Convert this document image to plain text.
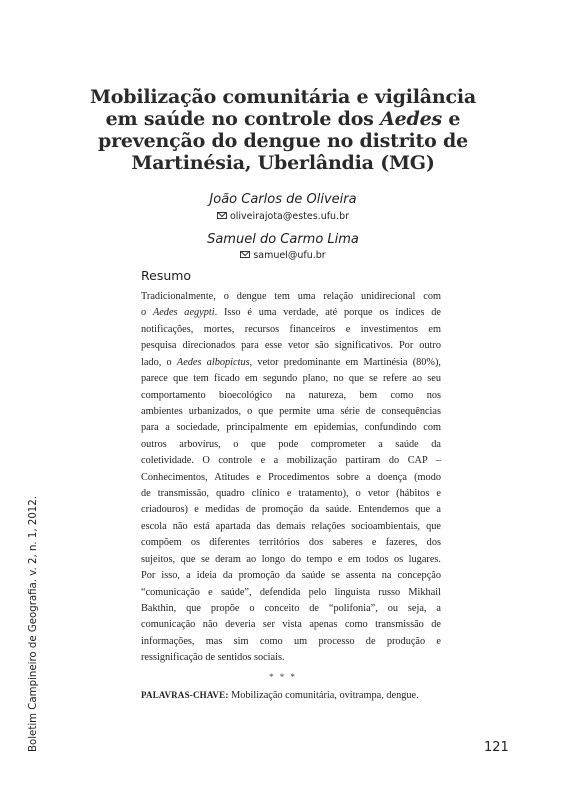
Mobilização comunitária e vigilância
em saúde no controle dos Aedes e
prevenção do dengue no distrito de
Martinésia, Uberlândia (MG)
João Carlos de Oliveira
oliveirajota@estes.ufu.br
Samuel do Carmo Lima
samuel@ufu.br
Resumo
Tradicionalmente, o dengue tem uma relação unidirecional com
o Aedes aegypti. Isso é uma verdade, até porque os índices de
notificações, mortes, recursos financeiros e investimentos em
pesquisa direcionados para esse vetor são significativos. Por outro
lado, o Aedes albopictus, vetor predominante em Martinésia (80%),
parece que tem ficado em segundo plano, no que se refere ao seu
comportamento bioecológico na natureza, bem como nos
ambientes urbanizados, o que permite uma série de consequências
para a sociedade, principalmente em epidemias, confundindo com
outros arbovírus, o que pode comprometer a saúde da
coletividade. O controle e a mobilização partiram do CAP –
Conhecimentos, Atitudes e Procedimentos sobre a doença (modo
de transmissão, quadro clínico e tratamento), o vetor (hábitos e
criadouros) e medidas de promoção da saúde. Entendemos que a
escola não está apartada das demais relações socioambientais, que
compõem os diferentes territórios dos saberes e fazeres, dos
sujeitos, que se deram ao longo do tempo e em todos os lugares.
Por isso, a ideia da promoção da saúde se assenta na concepção
“comunicação e saúde”, defendida pelo linguista russo Mikhail
Bakthin, que propõe o conceito de “polifonia”, ou seja, a
comunicação não deveria ser vista apenas como transmissão de
informações, mas sim como um processo de produção e
ressignificação de sentidos sociais.
* * *
PALAVRAS-CHAVE: Mobilização comunitária, ovitrampa, dengue.
Boletim Campineiro de Geografia. v. 2, n. 1, 2012.	121
